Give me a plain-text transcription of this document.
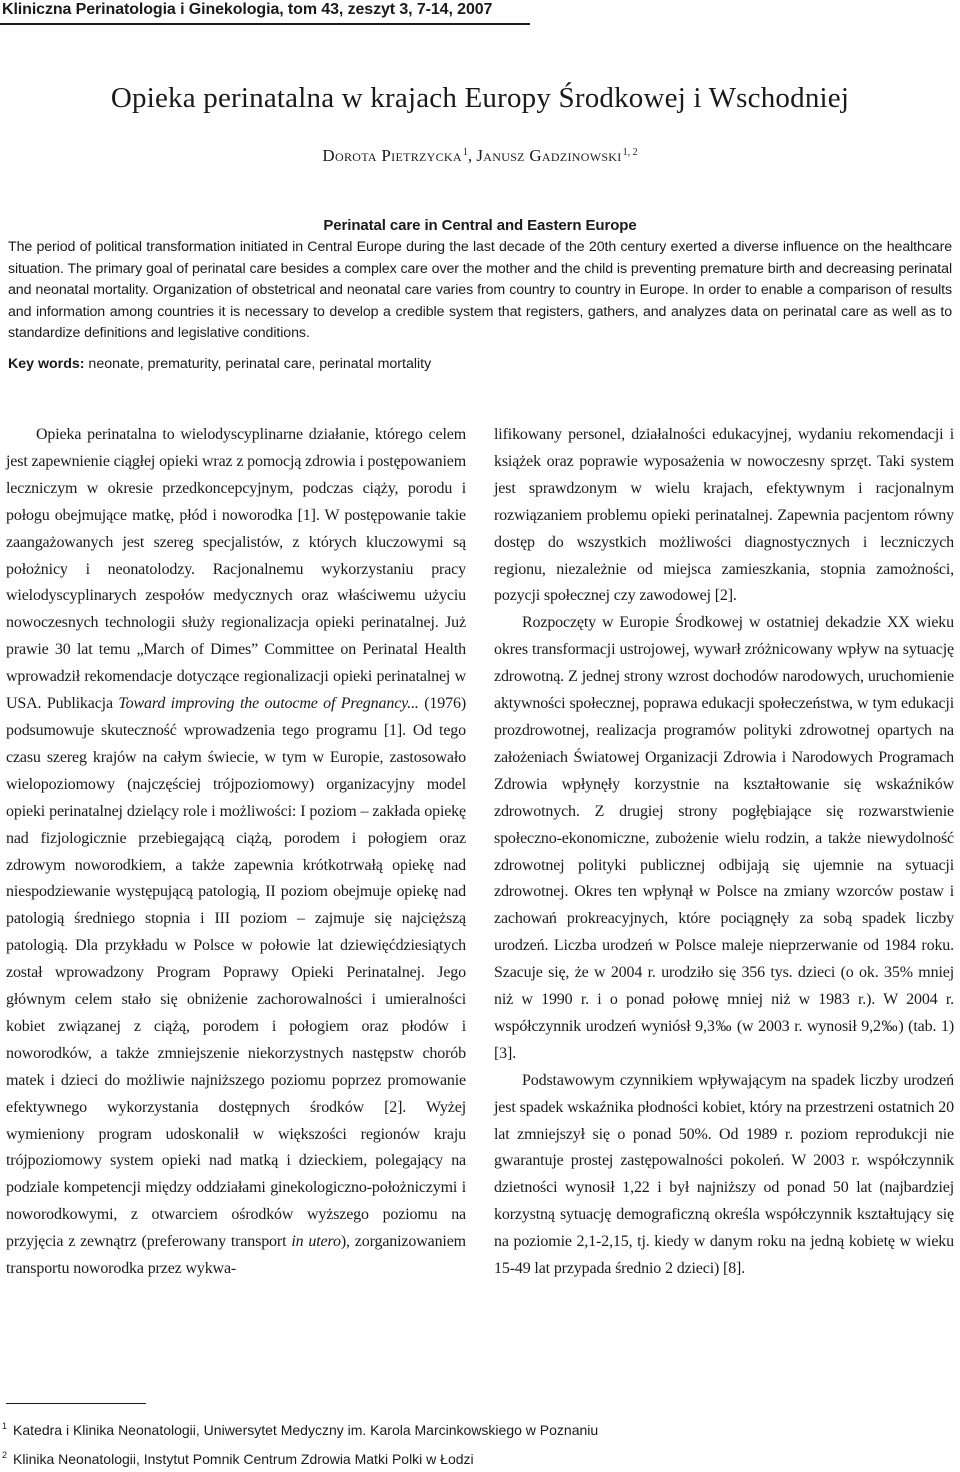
Kliniczna Perinatologia i Ginekologia, tom 43, zeszyt 3, 7-14, 2007
Opieka perinatalna w krajach Europy Środkowej i Wschodniej
Dorota Pietrzycka$^1$, Janusz Gadzinowski$^{1, 2}$

Perinatal care in Central and Eastern Europe

The period of political transformation initiated in Central Europe during the last decade of the 20th century exerted a diverse influence on the healthcare situation. The primary goal of perinatal care besides a complex care over the mother and the child is preventing premature birth and decreasing perinatal and neonatal mortality. Organization of obstetrical and neonatal care varies from country to country in Europe. In order to enable a comparison of results and information among countries it is necessary to develop a credible system that registers, gathers, and analyzes data on perinatal care as well as to standardize definitions and legislative conditions.

Key words: neonate, prematurity, perinatal care, perinatal mortality

Opieka perinatalna to wielodyscyplinarne działanie, którego celem jest zapewnienie ciągłej opieki wraz z pomocją zdrowia i postępowaniem leczniczym w okresie przedkoncepcyjnym, podczas ciąży, porodu i połogu obejmujące matkę, płód i noworodka [1]. W postępowanie takie zaangażowanych jest szereg specjalistów, z których kluczowymi są położnicy i neonatolodzy. Racjonalnemu wykorzystaniu pracy wielodyscyplinarych zespołów medycznych oraz właściwemu użyciu nowoczesnych technologii służy regionalizacja opieki perinatalnej. Już prawie 30 lat temu „March of Dimes” Committee on Perinatal Health wprowadził rekomendacje dotyczące regionalizacji opieki perinatalnej w USA. Publikacja Toward improving the outocme of Pregnancy... (1976) podsumowuje skuteczność wprowadzenia tego programu [1]. Od tego czasu szereg krajów na całym świecie, w tym w Europie, zastosowało wielopoziomowy (najczęściej trójpoziomowy) organizacyjny model opieki perinatalnej dzielący role i możliwości: I poziom – zakłada opiekę nad fizjologicznie przebiegającą ciążą, porodem i połogiem oraz zdrowym noworodkiem, a także zapewnia krótkotrwałą opiekę nad niespodziewanie występującą patologią, II poziom obejmuje opiekę nad patologią średniego stopnia i III poziom – zajmuje się najcięższą patologią. Dla przykładu w Polsce w połowie lat dziewięćdziesiątych został wprowadzony Program Poprawy Opieki Perinatalnej. Jego głównym celem stało się obniżenie zachorowalności i umieralności kobiet związanej z ciążą, porodem i połogiem oraz płodów i noworodków, a także zmniejszenie niekorzystnych następstw chorób matek i dzieci do możliwie najniższego poziomu poprzez promowanie efektywnego wykorzystania dostępnych środków [2]. Wyżej wymieniony program udoskonalił w większości regionów kraju trójpoziomowy system opieki nad matką i dzieckiem, polegający na podziale kompetencji między oddziałami ginekologiczno-położniczymi i noworodkowymi, z otwarciem ośrodków wyższego poziomu na przyjęcia z zewnątrz (preferowany transport in utero), zorganizowaniem transportu noworodka przez wykwa-

lifikowany personel, działalności edukacyjnej, wydaniu rekomendacji i książek oraz poprawie wyposażenia w nowoczesny sprzęt. Taki system jest sprawdzonym w wielu krajach, efektywnym i racjonalnym rozwiązaniem problemu opieki perinatalnej. Zapewnia pacjentom równy dostęp do wszystkich możliwości diagnostycznych i leczniczych regionu, niezależnie od miejsca zamieszkania, stopnia zamożności, pozycji społecznej czy zawodowej [2].

Rozpoczęty w Europie Środkowej w ostatniej dekadzie XX wieku okres transformacji ustrojowej, wywarł zróżnicowany wpływ na sytuację zdrowotną. Z jednej strony wzrost dochodów narodowych, uruchomienie aktywności społecznej, poprawa edukacji społeczeństwa, w tym edukacji prozdrowotnej, realizacja programów polityki zdrowotnej opartych na założeniach Światowej Organizacji Zdrowia i Narodowych Programach Zdrowia wpłynęły korzystnie na kształtowanie się wskaźników zdrowotnych. Z drugiej strony pogłębiające się rozwarstwienie społeczno-ekonomiczne, zubożenie wielu rodzin, a także niewydolność zdrowotnej polityki publicznej odbijają się ujemnie na sytuacji zdrowotnej. Okres ten wpłynął w Polsce na zmiany wzorców postaw i zachowań prokreacyjnych, które pociągnęły za sobą spadek liczby urodzeń. Liczba urodzeń w Polsce maleje nieprzerwanie od 1984 roku. Szacuje się, że w 2004 r. urodziło się 356 tys. dzieci (o ok. 35% mniej niż w 1990 r. i o ponad połowę mniej niż w 1983 r.). W 2004 r. współczynnik urodzeń wyniósł 9,3‰ (w 2003 r. wynosił 9,2‰) (tab. 1) [3].

Podstawowym czynnikiem wpływającym na spadek liczby urodzeń jest spadek wskaźnika płodności kobiet, który na przestrzeni ostatnich 20 lat zmniejszył się o ponad 50%. Od 1989 r. poziom reprodukcji nie gwarantuje prostej zastępowalności pokoleń. W 2003 r. współczynnik dzietności wynosił 1,22 i był najniższy od ponad 50 lat (najbardziej korzystną sytuację demograficzną określa współczynnik kształtujący się na poziomie 2,1-2,15, tj. kiedy w danym roku na jedną kobietę w wieku 15-49 lat przypada średnio 2 dzieci) [8].

$^1$ Katedra i Klinika Neonatologii, Uniwersytet Medyczny im. Karola Marcinkowskiego w Poznaniu
$^2$ Klinika Neonatologii, Instytut Pomnik Centrum Zdrowia Matki Polki w Łodzi
